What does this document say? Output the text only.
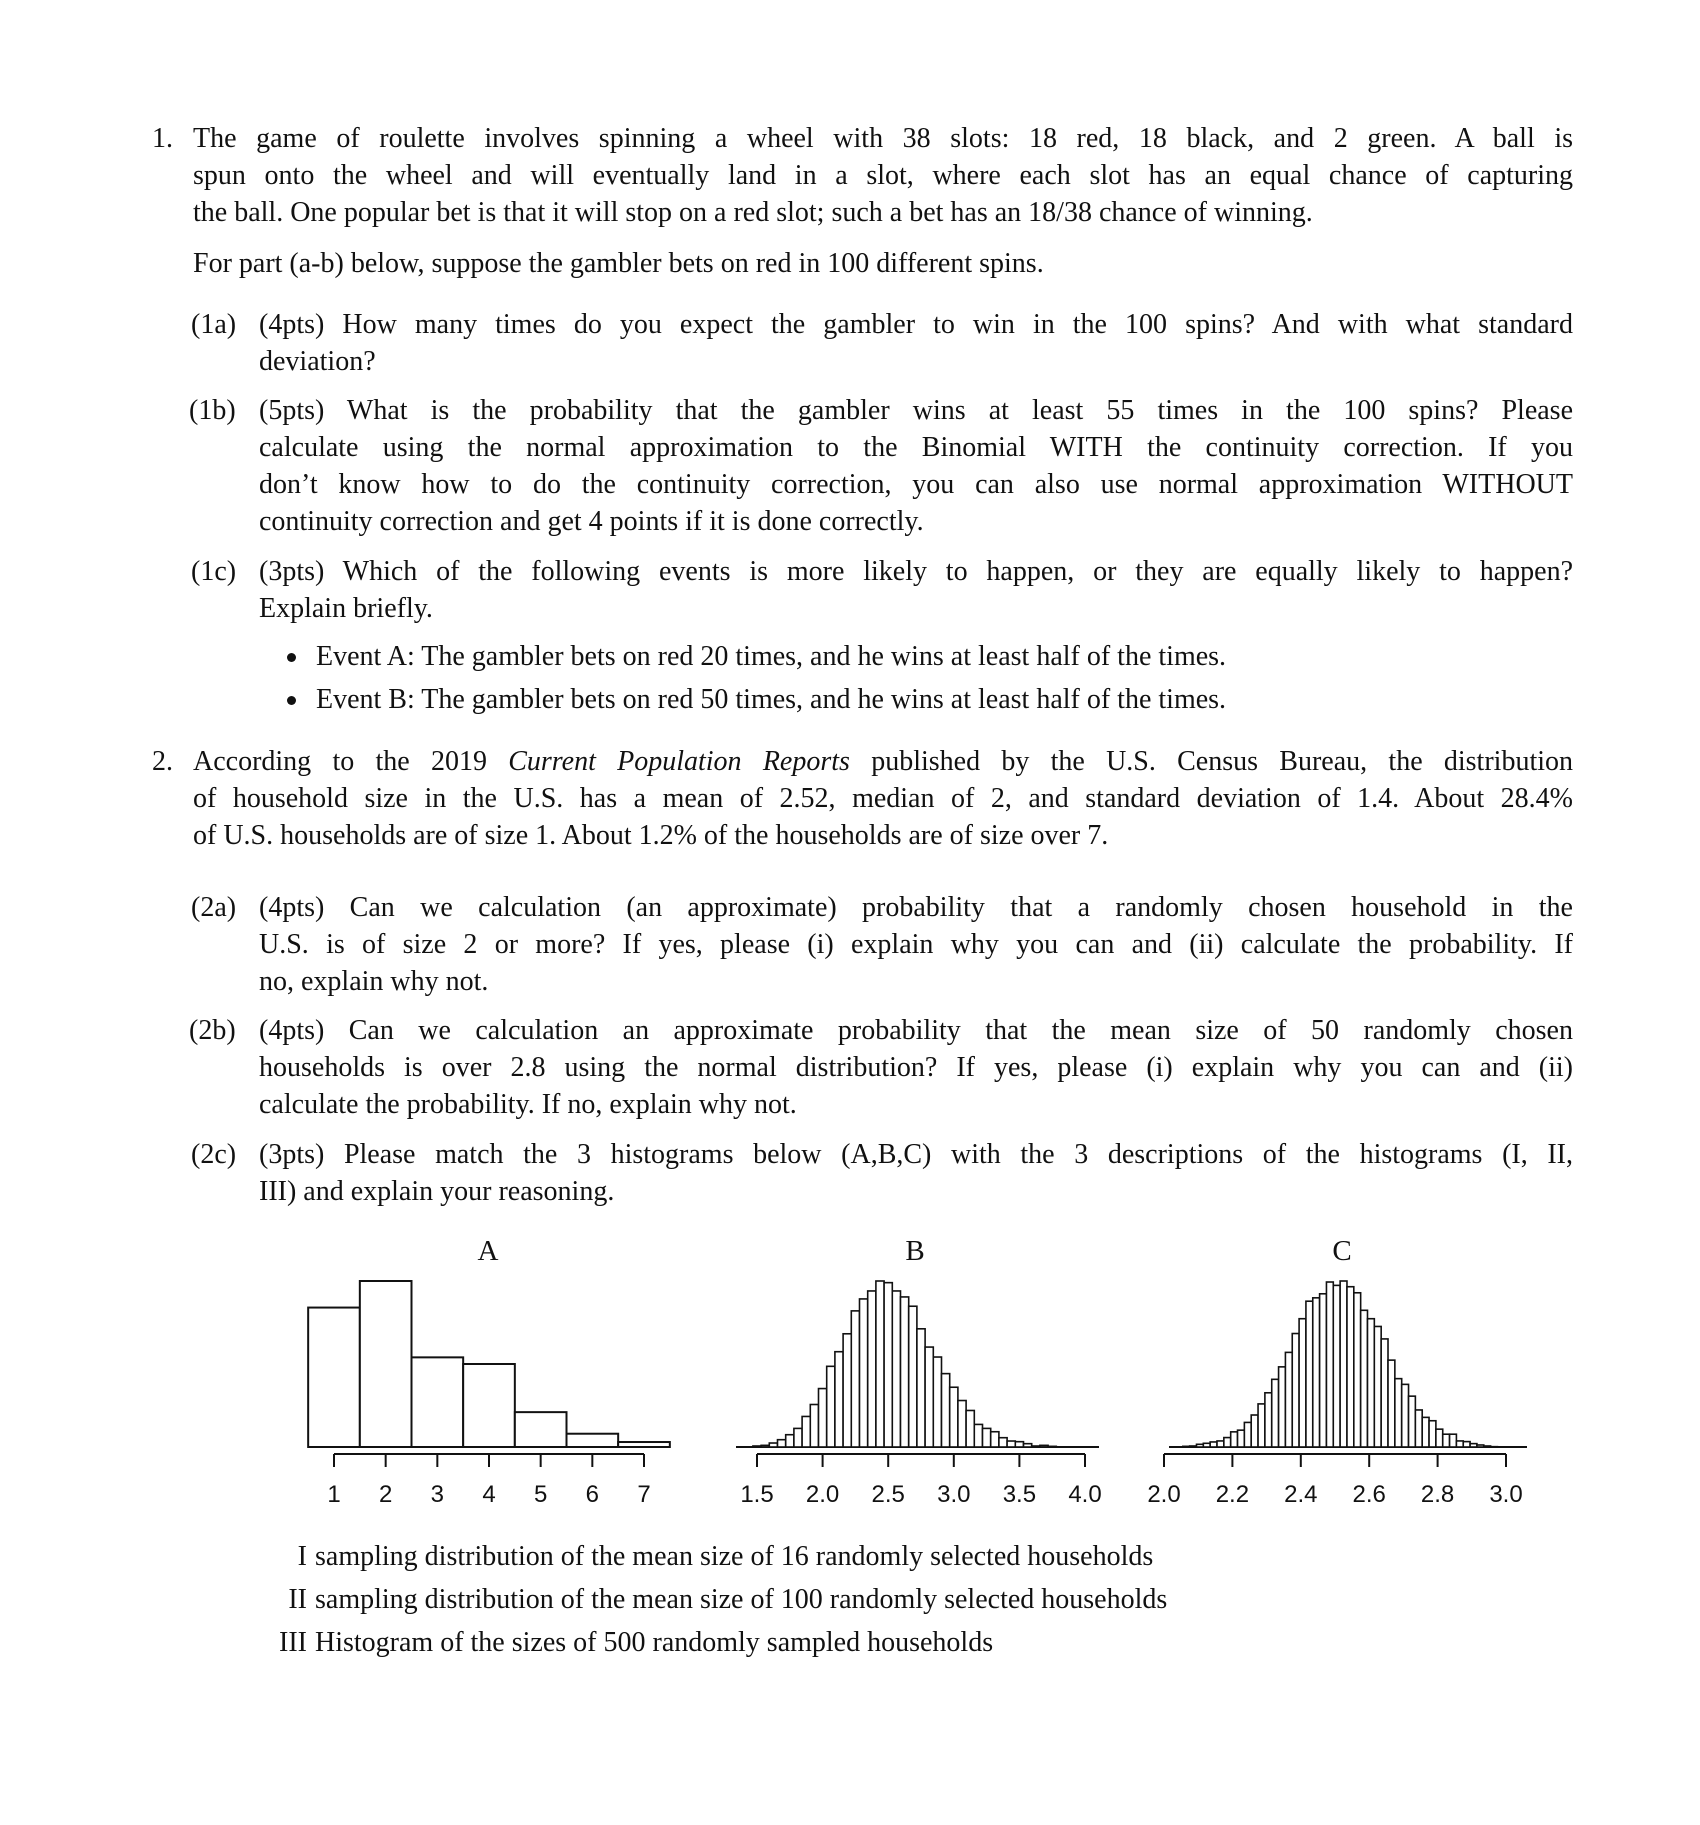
1. The game of roulette involves spinning a wheel with 38 slots: 18 red, 18 black, and 2 green. A ball is
spun onto the wheel and will eventually land in a slot, where each slot has an equal chance of capturing
the ball. One popular bet is that it will stop on a red slot; such a bet has an 18/38 chance of winning.
For part (a-b) below, suppose the gambler bets on red in 100 different spins.
(1a) (4pts) How many times do you expect the gambler to win in the 100 spins? And with what standard
deviation?
(1b) (5pts) What is the probability that the gambler wins at least 55 times in the 100 spins? Please
calculate using the normal approximation to the Binomial WITH the continuity correction. If you
don’t know how to do the continuity correction, you can also use normal approximation WITHOUT
continuity correction and get 4 points if it is done correctly.
(1c) (3pts) Which of the following events is more likely to happen, or they are equally likely to happen?
Explain briefly.
Event A: The gambler bets on red 20 times, and he wins at least half of the times.
Event B: The gambler bets on red 50 times, and he wins at least half of the times.
2. According to the 2019 Current Population Reports published by the U.S. Census Bureau, the distribution
of household size in the U.S. has a mean of 2.52, median of 2, and standard deviation of 1.4. About 28.4%
of U.S. households are of size 1. About 1.2% of the households are of size over 7.
(2a) (4pts) Can we calculation (an approximate) probability that a randomly chosen household in the
U.S. is of size 2 or more? If yes, please (i) explain why you can and (ii) calculate the probability. If
no, explain why not.
(2b) (4pts) Can we calculation an approximate probability that the mean size of 50 randomly chosen
households is over 2.8 using the normal distribution? If yes, please (i) explain why you can and (ii)
calculate the probability. If no, explain why not.
(2c) (3pts) Please match the 3 histograms below (A,B,C) with the 3 descriptions of the histograms (I, II,
III) and explain your reasoning.
A	B	C
1 2 3 4 5 6 7	1.5 2.0 2.5 3.0 3.5 4.0 2.0 2.2 2.4 2.6 2.8 3.0
I sampling distribution of the mean size of 16 randomly selected households
II sampling distribution of the mean size of 100 randomly selected households
III Histogram of the sizes of 500 randomly sampled households
